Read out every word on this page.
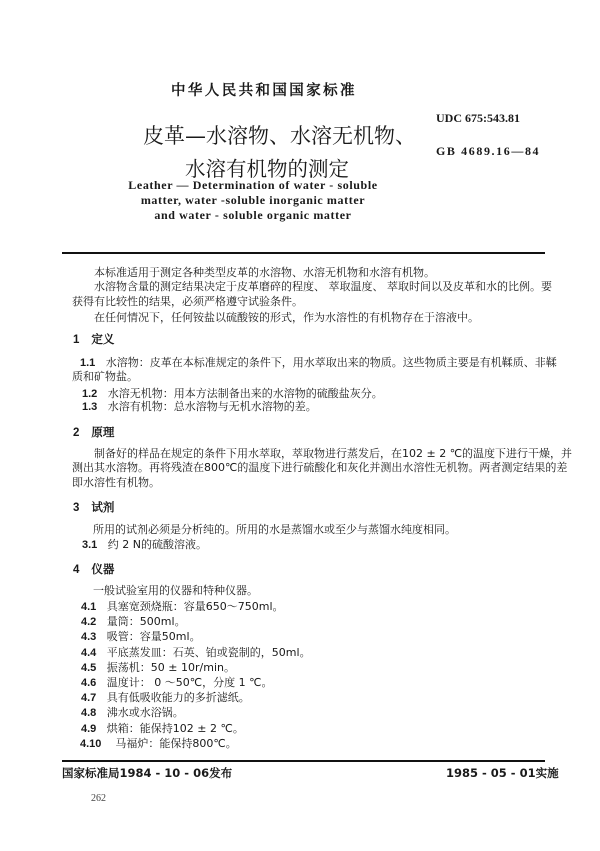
中华人民共和国国家标准
UDC 675:543.81
GB 4689.16—84
皮革—水溶物、水溶无机物、
水溶有机物的测定
Leather — Determination of water - soluble
matter, water -soluble inorganic matter
and water - soluble organic matter
本标准适用于测定各种类型皮革的水溶物、水溶无机物和水溶有机物。
水溶物含量的测定结果决定于皮革磨碎的程度、 萃取温度、 萃取时间以及皮革和水的比例。要
获得有比较性的结果，必须严格遵守试验条件。
在任何情况下，任何铵盐以硫酸铵的形式，作为水溶性的有机物存在于溶液中。
1 定义
1.1 水溶物：皮革在本标准规定的条件下，用水萃取出来的物质。这些物质主要是有机鞣质、非鞣
质和矿物盐。
1.2 水溶无机物：用本方法制备出来的水溶物的硫酸盐灰分。
1.3 水溶有机物：总水溶物与无机水溶物的差。
2 原理
制备好的样品在规定的条件下用水萃取，萃取物进行蒸发后，在102 ± 2 ℃的温度下进行干燥，并
测出其水溶物。再将残渣在800℃的温度下进行硫酸化和灰化并测出水溶性无机物。两者测定结果的差
即水溶性有机物。
3 试剂
所用的试剂必须是分析纯的。所用的水是蒸馏水或至少与蒸馏水纯度相同。
3.1 约 2 N的硫酸溶液。
4 仪器
一般试验室用的仪器和特种仪器。
4.1 具塞宽颈烧瓶：容量650～750ml。
4.2 量筒：500ml。
4.3 吸管：容量50ml。
4.4 平底蒸发皿：石英、铂或瓷制的，50ml。
4.5 振荡机：50 ± 10r/min。
4.6 温度计： 0 ～50℃，分度 1 ℃。
4.7 具有低吸收能力的多折滤纸。
4.8 沸水或水浴锅。
4.9 烘箱：能保持102 ± 2 ℃。
4.10 马福炉：能保持800℃。
国家标准局1984 - 10 - 06发布	1985 - 05 - 01实施
262
